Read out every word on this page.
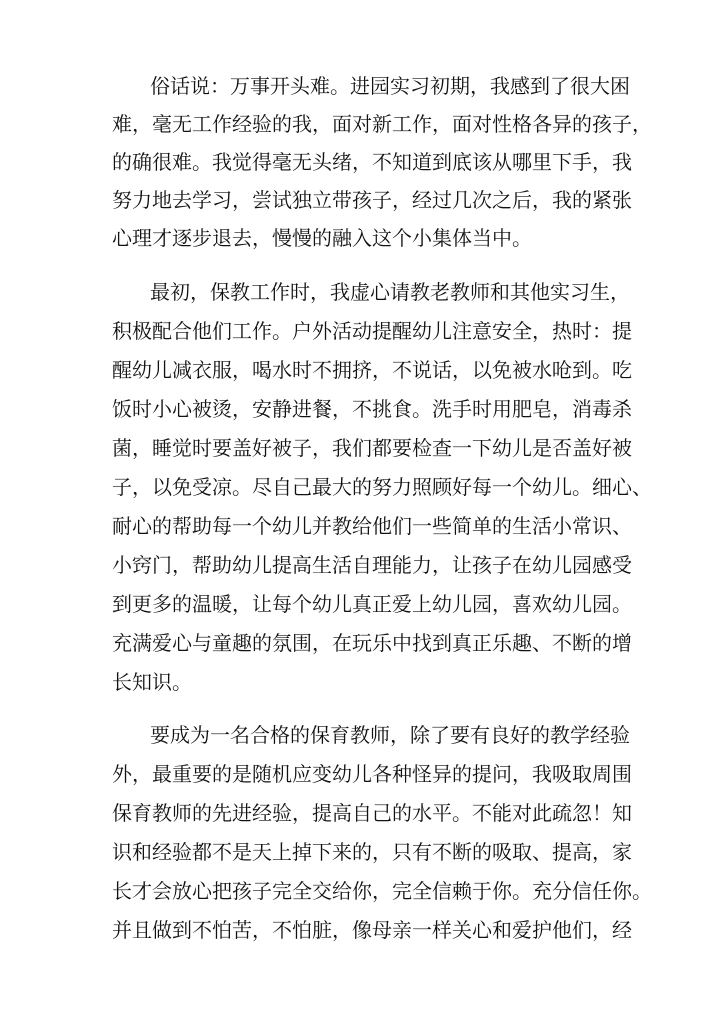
俗话说：万事开头难。进园实习初期，我感到了很大困
难，毫无工作经验的我，面对新工作，面对性格各异的孩子，
的确很难。我觉得毫无头绪，不知道到底该从哪里下手，我
努力地去学习，尝试独立带孩子，经过几次之后，我的紧张
心理才逐步退去，慢慢的融入这个小集体当中。
最初，保教工作时，我虚心请教老教师和其他实习生，
积极配合他们工作。户外活动提醒幼儿注意安全，热时：提
醒幼儿减衣服，喝水时不拥挤，不说话，以免被水呛到。吃
饭时小心被烫，安静进餐，不挑食。洗手时用肥皂，消毒杀
菌，睡觉时要盖好被子，我们都要检查一下幼儿是否盖好被
子，以免受凉。尽自己最大的努力照顾好每一个幼儿。细心、
耐心的帮助每一个幼儿并教给他们一些简单的生活小常识、
小窍门，帮助幼儿提高生活自理能力，让孩子在幼儿园感受
到更多的温暖，让每个幼儿真正爱上幼儿园，喜欢幼儿园。
充满爱心与童趣的氛围，在玩乐中找到真正乐趣、不断的增
长知识。
要成为一名合格的保育教师，除了要有良好的教学经验
外，最重要的是随机应变幼儿各种怪异的提问，我吸取周围
保育教师的先进经验，提高自己的水平。不能对此疏忽！知
识和经验都不是天上掉下来的，只有不断的吸取、提高，家
长才会放心把孩子完全交给你，完全信赖于你。充分信任你。
并且做到不怕苦，不怕脏，像母亲一样关心和爱护他们，经
